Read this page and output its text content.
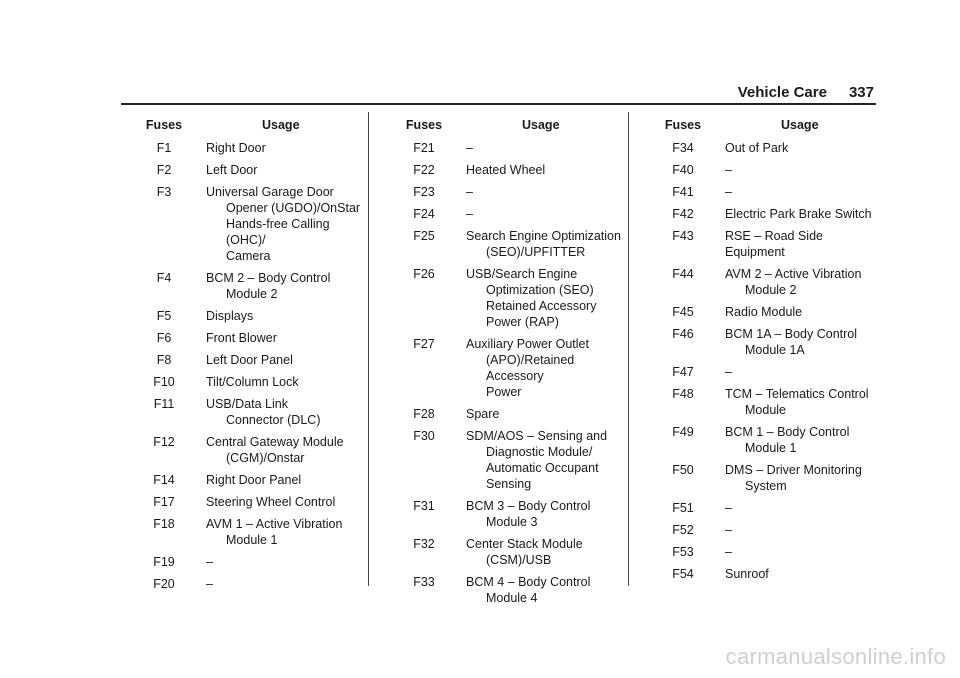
Vehicle Care 337
Fuses	Usage
F1	Right Door
F2	Left Door
F3	Universal Garage Door
Opener (UGDO)/OnStar
Hands-free Calling (OHC)/
Camera
F4	BCM 2 – Body Control
Module 2
F5	Displays
F6	Front Blower
F8	Left Door Panel
F10	Tilt/Column Lock
F11	USB/Data Link
Connector (DLC)
F12	Central Gateway Module
(CGM)/Onstar
F14	Right Door Panel
F17	Steering Wheel Control
F18	AVM 1 – Active Vibration
Module 1
F19	–
F20	–
Fuses	Usage
F21	–
F22	Heated Wheel
F23	–
F24	–
F25	Search Engine Optimization
(SEO)/UPFITTER
F26	USB/Search Engine
Optimization (SEO)
Retained Accessory
Power (RAP)
F27	Auxiliary Power Outlet
(APO)/Retained Accessory
Power
F28	Spare
F30	SDM/AOS – Sensing and
Diagnostic Module/
Automatic Occupant
Sensing
F31	BCM 3 – Body Control
Module 3
F32	Center Stack Module
(CSM)/USB
F33	BCM 4 – Body Control
Module 4
Fuses	Usage
F34	Out of Park
F40	–
F41	–
F42	Electric Park Brake Switch
F43	RSE – Road Side Equipment
F44	AVM 2 – Active Vibration
Module 2
F45	Radio Module
F46	BCM 1A – Body Control
Module 1A
F47	–
F48	TCM – Telematics Control
Module
F49	BCM 1 – Body Control
Module 1
F50	DMS – Driver Monitoring
System
F51	–
F52	–
F53	–
F54	Sunroof
carmanualsonline.info
